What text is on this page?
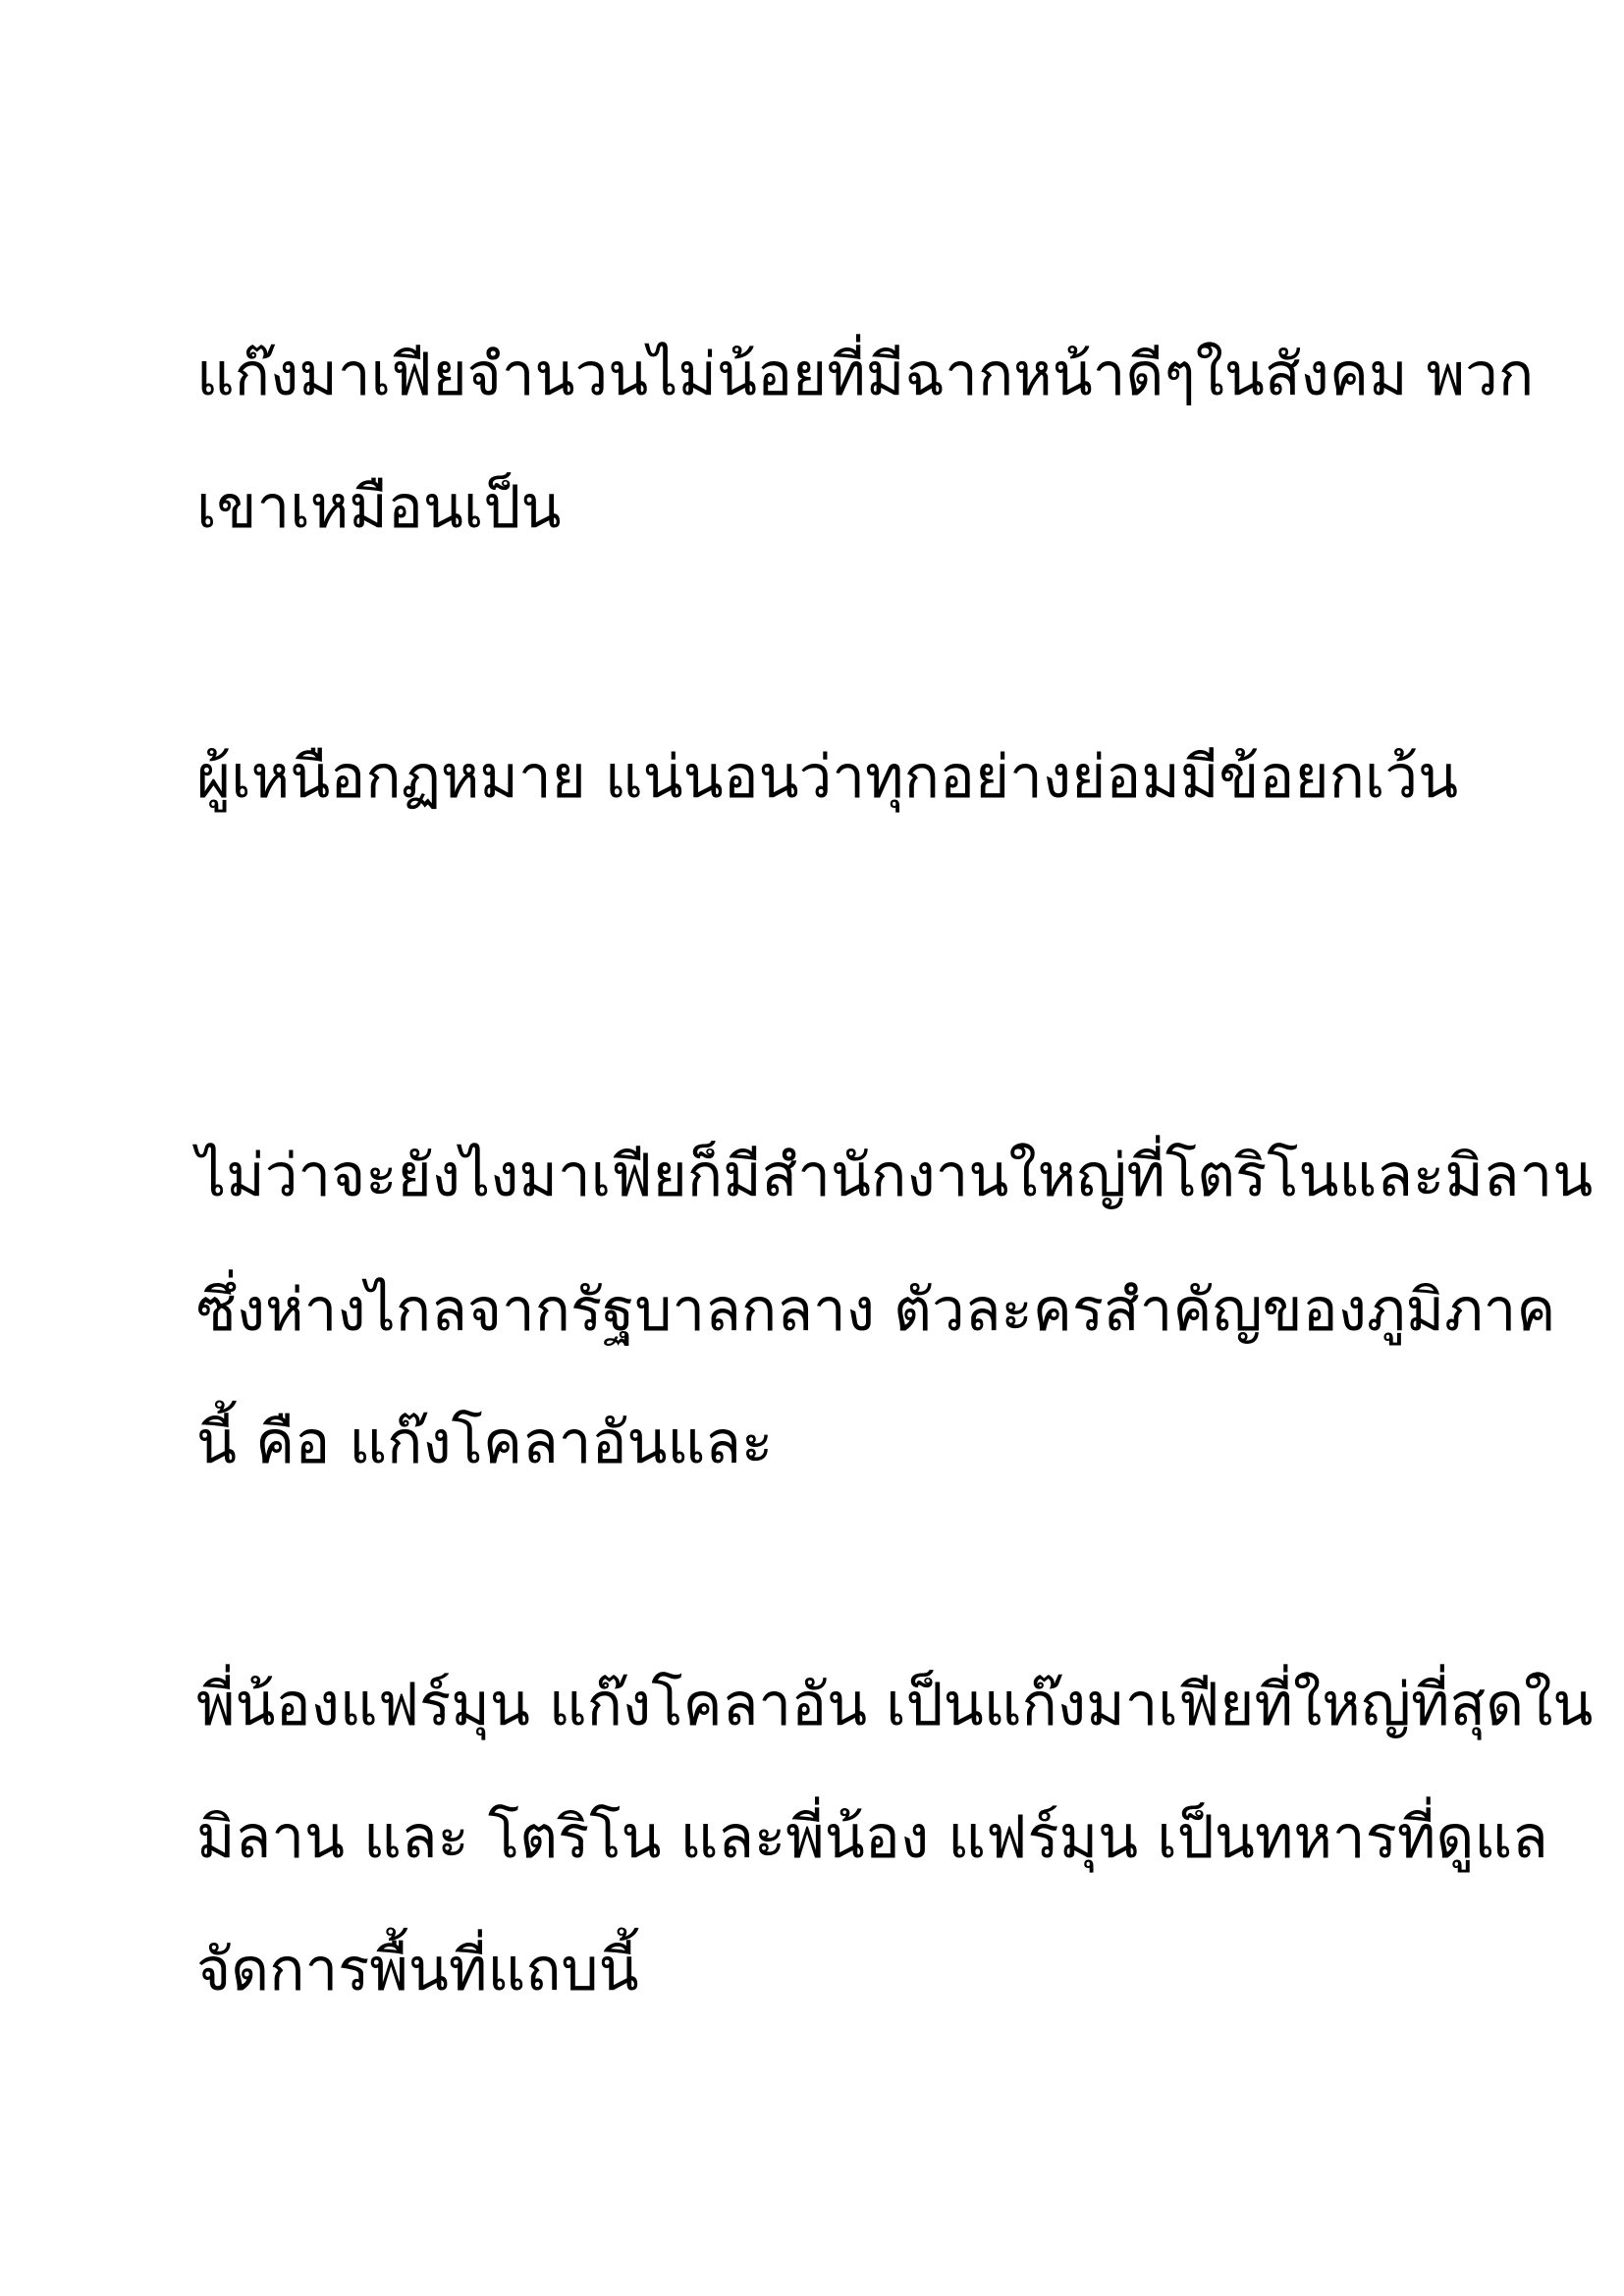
แก๊งมาเฟียจำนวนไม่น้อยที่มีฉากหน้าดีๆในสังคม พวก

เขาเหมือนเป็น

ผู้เหนือกฏหมาย แน่นอนว่าทุกอย่างย่อมมีข้อยกเว้น

ไม่ว่าจะยังไงมาเฟียก็มีสำนักงานใหญ่ที่โตริโนและมิลาน

ซึ่งห่างไกลจากรัฐบาลกลาง ตัวละครสำคัญของภูมิภาค

นี้ คือ แก๊งโคลาอันและ

พี่น้องแฟร์มุน แก๊งโคลาอัน เป็นแก๊งมาเฟียที่ใหญ่ที่สุดใน

มิลาน และ โตริโน และพี่น้อง แฟร์มุน เป็นทหารที่ดูแล

จัดการพื้นที่แถบนี้
